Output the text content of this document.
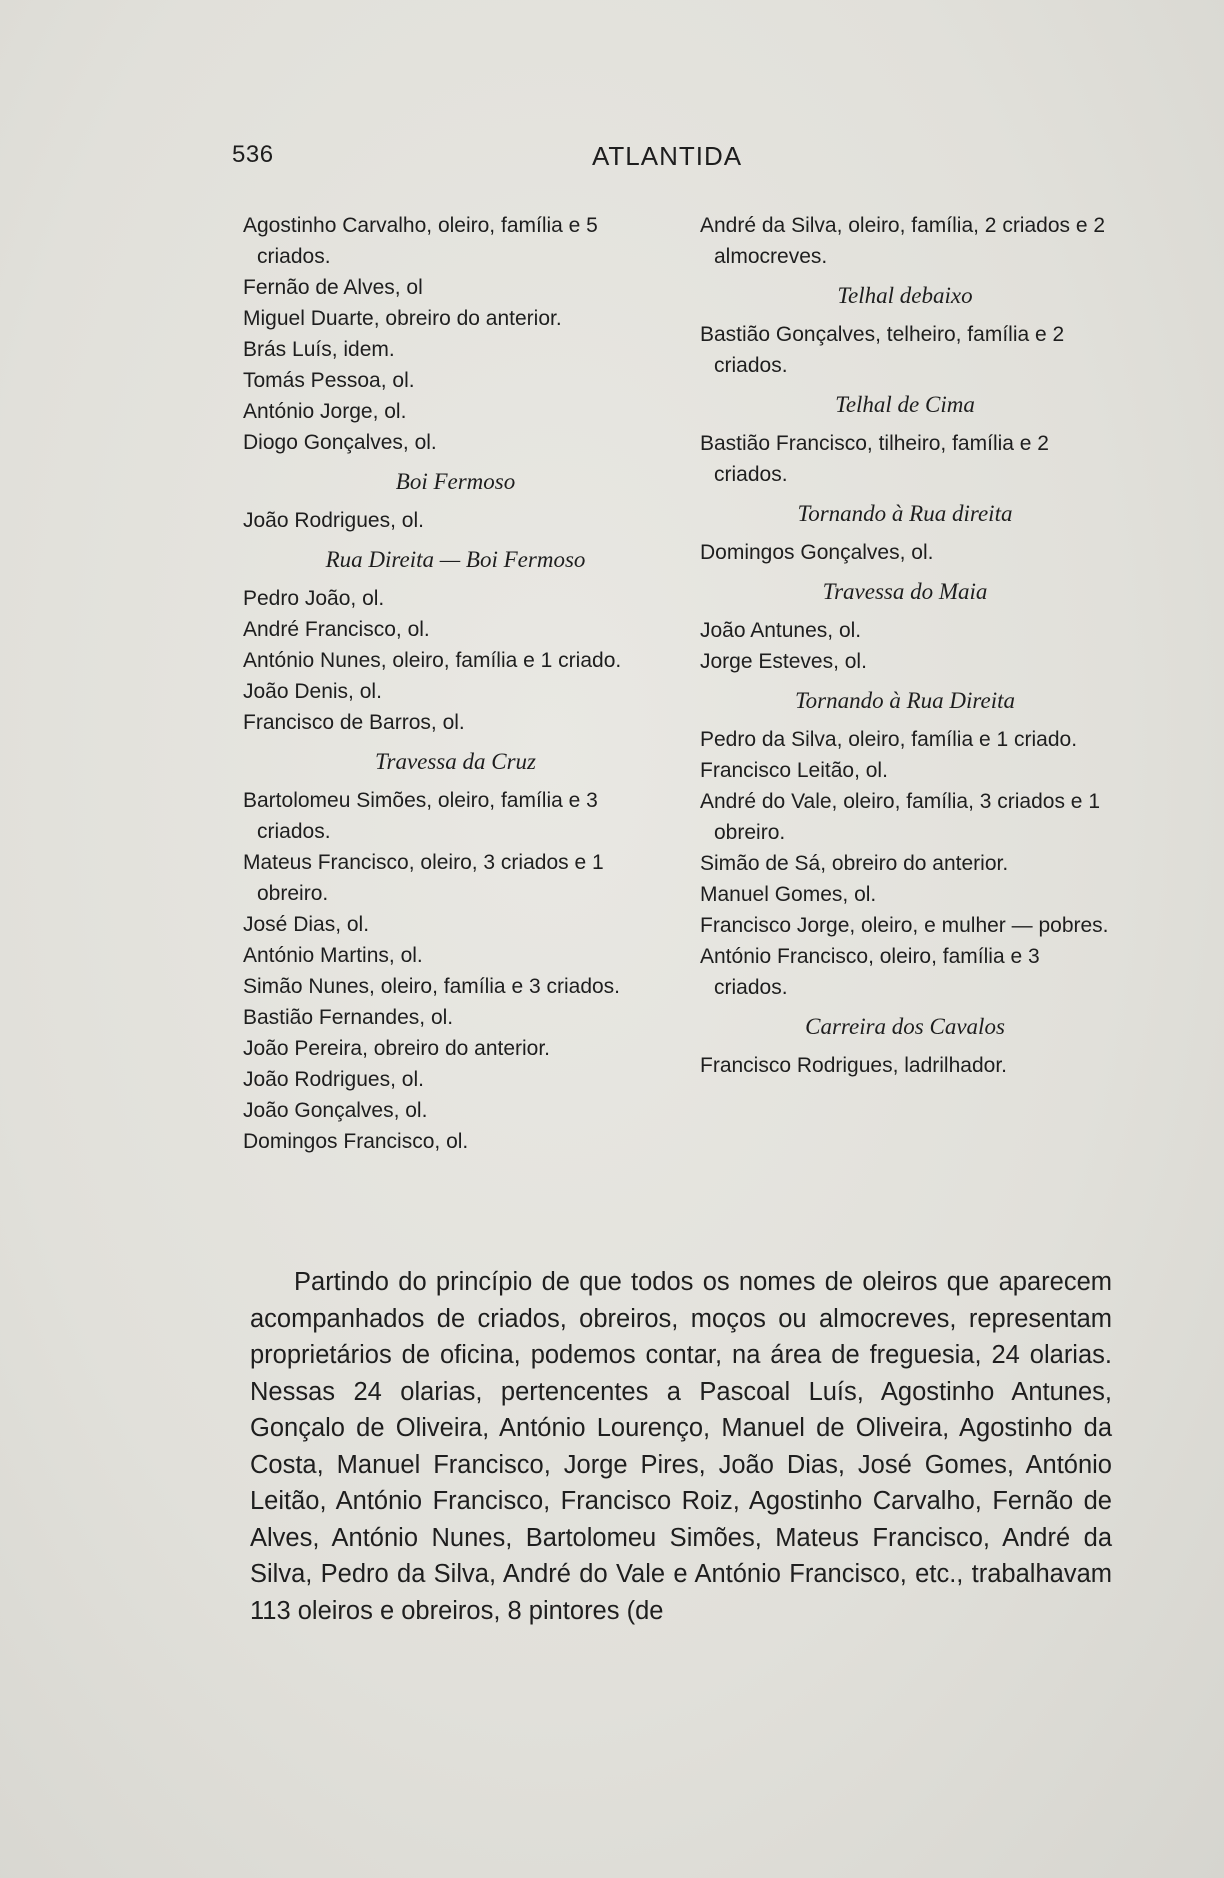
536	ATLANTIDA
Agostinho Carvalho, oleiro, família e 5 criados.
Fernão de Alves, ol
Miguel Duarte, obreiro do anterior.
Brás Luís, idem.
Tomás Pessoa, ol.
António Jorge, ol.
Diogo Gonçalves, ol.
Boi Fermoso
João Rodrigues, ol.
Rua Direita — Boi Fermoso
Pedro João, ol.
André Francisco, ol.
António Nunes, oleiro, família e 1 criado.
João Denis, ol.
Francisco de Barros, ol.
Travessa da Cruz
Bartolomeu Simões, oleiro, família e 3 criados.
Mateus Francisco, oleiro, 3 criados e 1 obreiro.
José Dias, ol.
António Martins, ol.
Simão Nunes, oleiro, família e 3 criados.
Bastião Fernandes, ol.
João Pereira, obreiro do anterior.
João Rodrigues, ol.
João Gonçalves, ol.
Domingos Francisco, ol.
André da Silva, oleiro, família, 2 criados e 2 almocreves.
Telhal debaixo
Bastião Gonçalves, telheiro, família e 2 criados.
Telhal de Cima
Bastião Francisco, tilheiro, família e 2 criados.
Tornando à Rua direita
Domingos Gonçalves, ol.
Travessa do Maia
João Antunes, ol.
Jorge Esteves, ol.
Tornando à Rua Direita
Pedro da Silva, oleiro, família e 1 criado.
Francisco Leitão, ol.
André do Vale, oleiro, família, 3 criados e 1 obreiro.
Simão de Sá, obreiro do anterior.
Manuel Gomes, ol.
Francisco Jorge, oleiro, e mulher — pobres.
António Francisco, oleiro, família e 3 criados.
Carreira dos Cavalos
Francisco Rodrigues, ladrilhador.
Partindo do princípio de que todos os nomes de oleiros que aparecem acompanhados de criados, obreiros, moços ou almocreves, representam proprietários de oficina, podemos contar, na área de freguesia, 24 olarias. Nessas 24 olarias, pertencentes a Pascoal Luís, Agostinho Antunes, Gonçalo de Oliveira, António Lourenço, Manuel de Oliveira, Agostinho da Costa, Manuel Francisco, Jorge Pires, João Dias, José Gomes, António Leitão, António Francisco, Francisco Roiz, Agostinho Carvalho, Fernão de Alves, António Nunes, Bartolomeu Simões, Mateus Francisco, André da Silva, Pedro da Silva, André do Vale e António Francisco, etc., trabalhavam 113 oleiros e obreiros, 8 pintores (de
